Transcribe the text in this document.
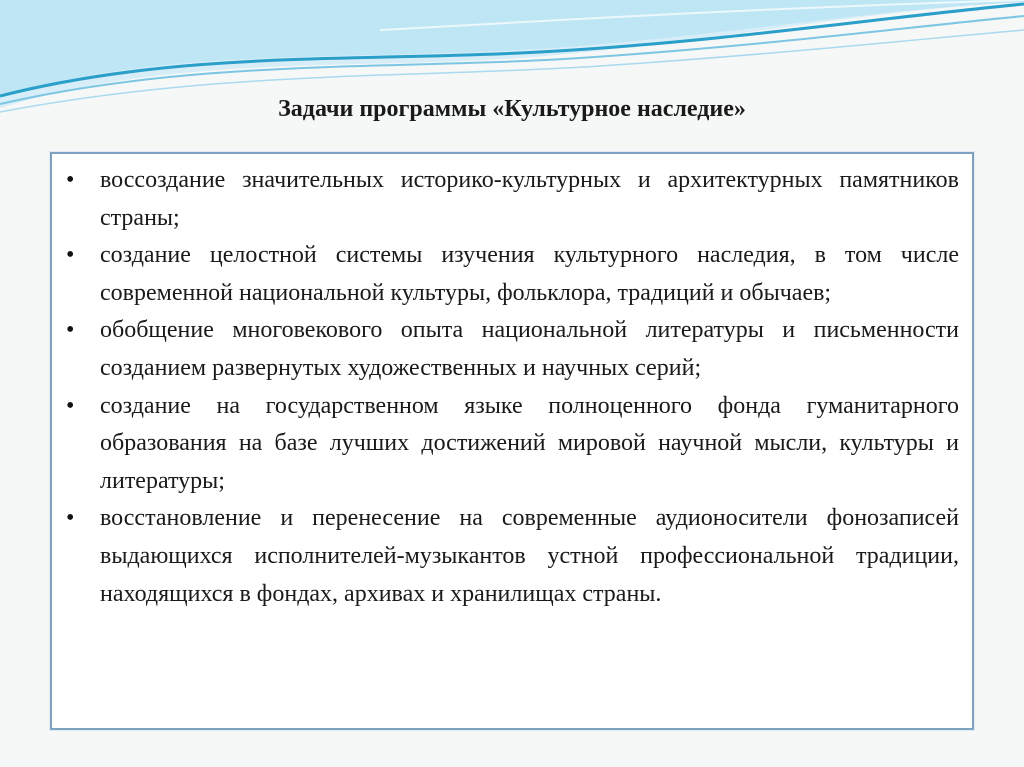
Задачи программы «Культурное наследие»
•	воссоздание значительных историко-культурных и архитектурных памятников страны;
•	создание целостной системы изучения культурного наследия, в том числе современной национальной культуры, фольклора, традиций и обычаев;
•	обобщение многовекового опыта национальной литературы и письменности созданием развернутых художественных и научных серий;
•	создание на государственном языке полноценного фонда гуманитарного образования на базе лучших достижений мировой научной мысли, культуры и литературы;
•	восстановление и перенесение на современные аудионосители фонозаписей выдающихся исполнителей-музыкантов устной профессиональной традиции, находящихся в фондах, архивах и хранилищах страны.
